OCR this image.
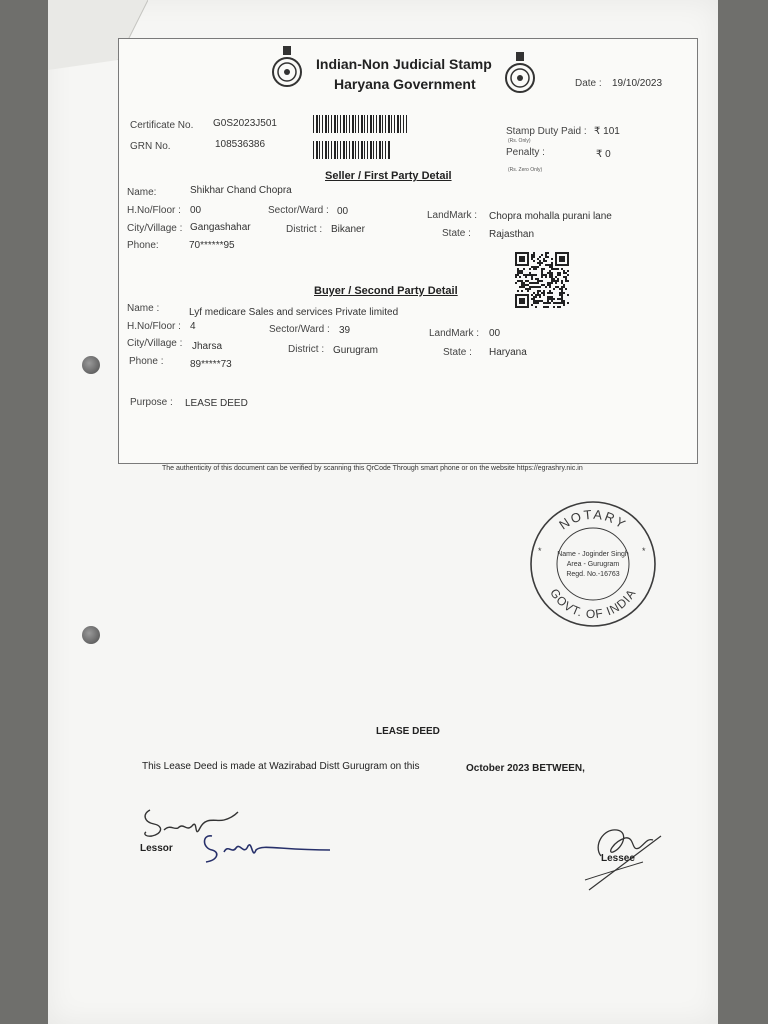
Indian-Non Judicial Stamp
Haryana Government	Date : 19/10/2023
Certificate No. G0S2023J501
GRN No.	108536386
Stamp Duty Paid : ₹ 101
(Rs. Only)
Penalty :	₹ 0
(Rs. Zero Only)
Seller / First Party Detail
Name:	Shikhar Chand Chopra
H.No/Floor : 00	Sector/Ward : 00	LandMark : Chopra mohalla purani lane
City/Village : Gangashahar	District : Bikaner	State : Rajasthan
Phone:	70******95
Buyer / Second Party Detail
Name :	Lyf medicare Sales and services Private limited
H.No/Floor : 4	Sector/Ward : 39	LandMark : 00
City/Village : Jharsa	District : Gurugram	State : Haryana
Phone :	89*****73
Purpose : LEASE DEED
The authenticity of this document can be verified by scanning this QrCode Through smart phone or on the website https://egrashry.nic.in
NOTARY
GOVT. OF INDIA
*	*
Name - Joginder Singh
Area - Gurugram
Regd. No.-16763
LEASE DEED
This Lease Deed is made at Wazirabad Distt Gurugram on this	October 2023 BETWEEN,
Lessor
Lessee
